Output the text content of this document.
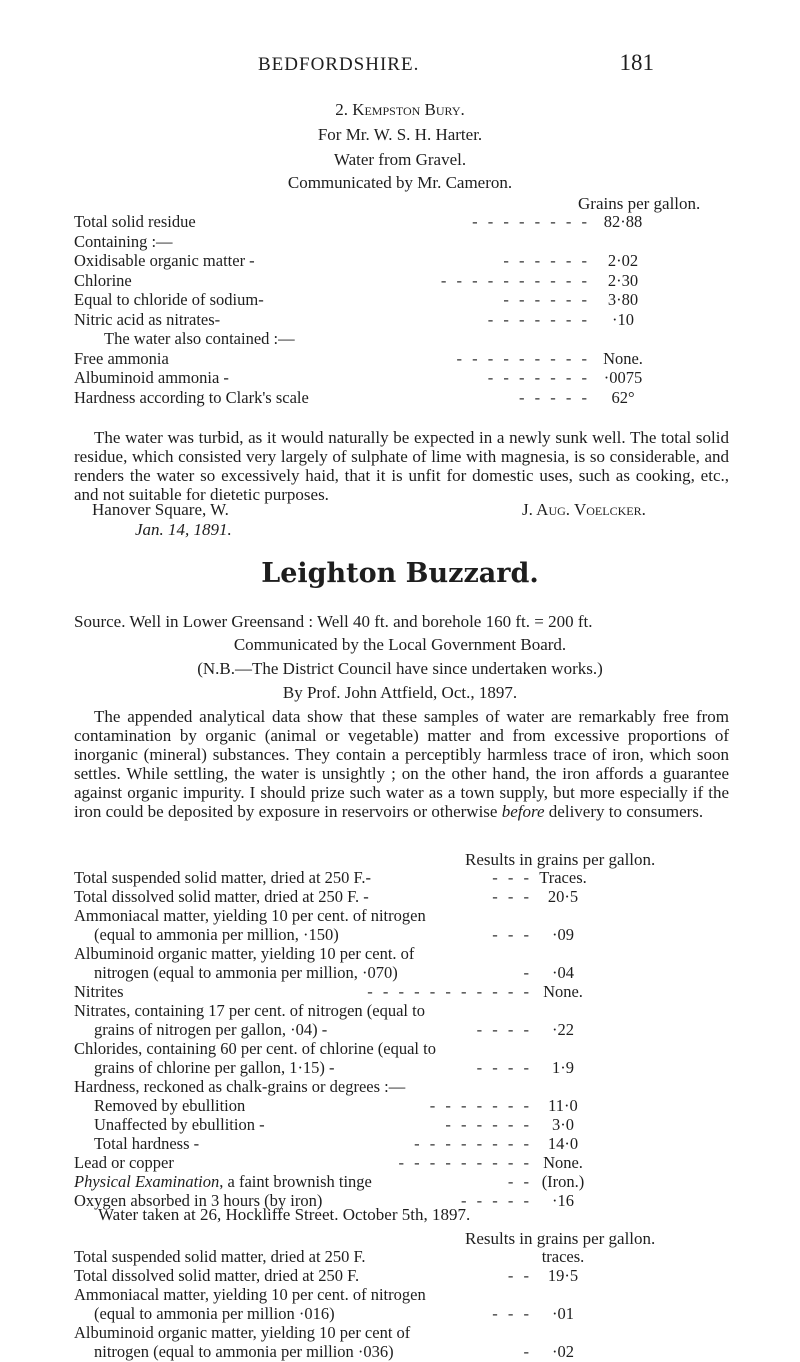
BEDFORDSHIRE.	181
2. Kempston Bury.
For Mr. W. S. H. Harter.
Water from Gravel.
Communicated by Mr. Cameron.
Grains per gallon.
Total solid residue	- - - - - - - - 82·88
Containing :—
Oxidisable organic matter -	- - - - - -	2·02
Chlorine	- - - - - - - - - -	2·30
Equal to chloride of sodium-	- - - - - -	3·80
Nitric acid as nitrates-	- - - - - - -	·10
The water also contained :—
Free ammonia	- - - - - - - - - None.
Albuminoid ammonia -	- - - - - - - ·0075
Hardness according to Clark's scale	- - - - -	62°
The water was turbid, as it would naturally be expected in a newly sunk well. The total solid residue, which consisted very largely of sulphate of lime with magnesia, is so considerable, and renders the water so excessively haid, that it is unfit for domestic uses, such as cooking, etc., and not suitable for dietetic purposes.
Hanover Square, W.	J. Aug. Voelcker.
Jan. 14, 1891.
Leighton Buzzard.
Source. Well in Lower Greensand : Well 40 ft. and borehole 160 ft. = 200 ft.
Communicated by the Local Government Board.
(N.B.—The District Council have since undertaken works.)
By Prof. John Attfield, Oct., 1897.
The appended analytical data show that these samples of water are remarkably free from contamination by organic (animal or vegetable) matter and from excessive proportions of inorganic (mineral) substances. They contain a perceptibly harmless trace of iron, which soon settles. While settling, the water is unsightly ; on the other hand, the iron affords a guarantee against organic impurity. I should prize such water as a town supply, but more especially if the iron could be deposited by exposure in reservoirs or otherwise before delivery to consumers.
Results in grains per gallon.
Total suspended solid matter, dried at 250 F.-	- - - Traces.
Total dissolved solid matter, dried at 250 F. -	- - - 20·5
Ammoniacal matter, yielding 10 per cent. of nitrogen
(equal to ammonia per million, ·150)	- - -	·09
Albuminoid organic matter, yielding 10 per cent. of
nitrogen (equal to ammonia per million, ·070)	-	·04
Nitrites	- - - - - - - - - - - None.
Nitrates, containing 17 per cent. of nitrogen (equal to
grains of nitrogen per gallon, ·04) -	- - - -	·22
Chlorides, containing 60 per cent. of chlorine (equal to
grains of chlorine per gallon, 1·15) -	- - - -	1·9
Hardness, reckoned as chalk-grains or degrees :—
Removed by ebullition	- - - - - - - 11·0
Unaffected by ebullition -	- - - - - -	3·0
Total hardness -	- - - - - - - - 14·0
Lead or copper	- - - - - - - - - None.
Physical Examination, a faint brownish tinge	- - (Iron.)
Oxygen absorbed in 3 hours (by iron)	- - - - -	·16
Water taken at 26, Hockliffe Street. October 5th, 1897.
Results in grains per gallon.
Total suspended solid matter, dried at 250 F.	traces.
Total dissolved solid matter, dried at 250 F.	- - 19·5
Ammoniacal matter, yielding 10 per cent. of nitrogen
(equal to ammonia per million ·016)	- - -	·01
Albuminoid organic matter, yielding 10 per cent of
nitrogen (equal to ammonia per million ·036)	-	·02
